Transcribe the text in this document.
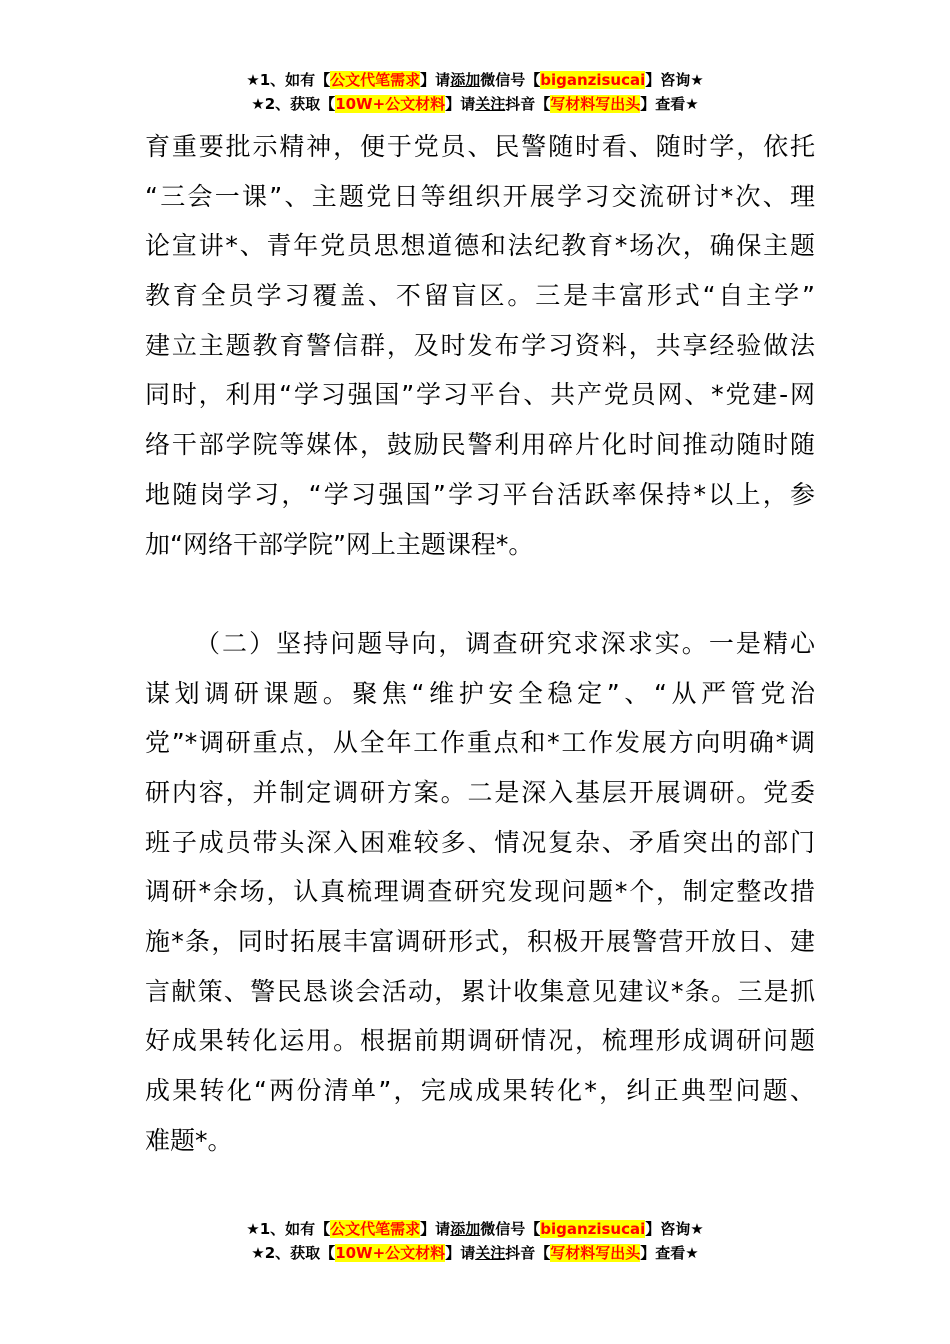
★1、如有【公文代笔需求】请添加微信号【biganzisucai】咨询★
★2、获取【10W+公文材料】请关注抖音【写材料写出头】查看★
育重要批示精神，便于党员、民警随时看、随时学，依托
“三会一课”、主题党日等组织开展学习交流研讨*次、理
论宣讲*、青年党员思想道德和法纪教育*场次，确保主题
教育全员学习覆盖、不留盲区。三是丰富形式“自主学”
建立主题教育警信群，及时发布学习资料，共享经验做法
同时，利用“学习强国”学习平台、共产党员网、*党建-网
络干部学院等媒体，鼓励民警利用碎片化时间推动随时随
地随岗学习，“学习强国”学习平台活跃率保持*以上，参
加“网络干部学院”网上主题课程*。
（二）坚持问题导向，调查研究求深求实。一是精心
谋划调研课题。聚焦“维护安全稳定”、“从严管党治
党”*调研重点，从全年工作重点和*工作发展方向明确*调
研内容，并制定调研方案。二是深入基层开展调研。党委
班子成员带头深入困难较多、情况复杂、矛盾突出的部门
调研*余场，认真梳理调查研究发现问题*个，制定整改措
施*条，同时拓展丰富调研形式，积极开展警营开放日、建
言献策、警民恳谈会活动，累计收集意见建议*条。三是抓
好成果转化运用。根据前期调研情况，梳理形成调研问题
成果转化“两份清单”，完成成果转化*，纠正典型问题、
难题*。
★1、如有【公文代笔需求】请添加微信号【biganzisucai】咨询★
★2、获取【10W+公文材料】请关注抖音【写材料写出头】查看★
